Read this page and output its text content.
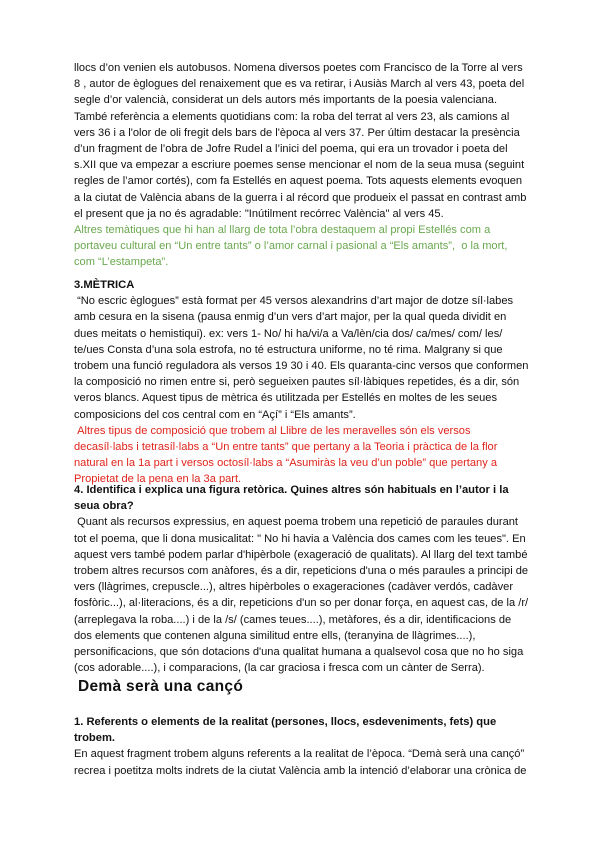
llocs d’on venien els autobusos. Nomena diversos poetes com Francisco de la Torre al vers 8 , autor de èglogues del renaixement que es va retirar, i Ausiàs March al vers 43, poeta del segle d’or valencià, considerat un dels autors més importants de la poesia valenciana. També referència a elements quotidians com: la roba del terrat al vers 23, als camions al vers 36 i a l'olor de oli fregit dels bars de l'època al vers 37. Per últim destacar la presència d’un fragment de l’obra de Jofre Rudel a l’inici del poema, qui era un trovador i poeta del s.XII que va empezar a escriure poemes sense mencionar el nom de la seua musa (seguint regles de l’amor cortés), com fa Estellés en aquest poema. Tots aquests elements evoquen a la ciutat de València abans de la guerra i al récord que produeix el passat en contrast amb el present que ja no és agradable: "Inútilment recórrec València" al vers 45.

Altres temàtiques que hi han al llarg de tota l’obra destaquem al propi Estellés com a portaveu cultural en “Un entre tants” o l’amor carnal i pasional a “Els amants”,  o la mort, com “L’estampeta”.

3.MÈTRICA

“No escric èglogues” està format per 45 versos alexandrins d’art major de dotze síl·labes amb cesura en la sisena (pausa enmig d’un vers d’art major, per la qual queda dividit en dues meitats o hemistiqui). ex: vers 1- No/ hi ha/vi/a a Va/lèn/cia dos/ ca/mes/ com/ les/ te/ues Consta d’una sola estrofa, no té estructura uniforme, no té rima. Malgrany si que trobem una funció reguladora als versos 19 30 i 40. Els quaranta-cinc versos que conformen la composició no rimen entre si, però segueixen pautes síl·làbiques repetides, és a dir, són veros blancs. Aquest tipus de mètrica és utilitzada per Estellés en moltes de les seues composicions del cos central com en “Açí” i “Els amants”.

Altres tipus de composició que trobem al Llibre de les meravelles són els versos decasíl·labs i tetrasíl·labs a “Un entre tants” que pertany a la Teoria i pràctica de la flor natural en la 1a part i versos octosíl·labs a “Asumiràs la veu d’un poble” que pertany a Propietat de la pena en la 3a part.

4. Identifica i explica una figura retòrica. Quines altres són habituals en l’autor i la seua obra?

Quant als recursos expressius, en aquest poema trobem una repetició de paraules durant tot el poema, que li dona musicalitat: " No hi havia a València dos cames com les teues". En aquest vers també podem parlar d'hipèrbole (exageració de qualitats). Al llarg del text també trobem altres recursos com anàfores, és a dir, repeticions d'una o més paraules a principi de vers (llàgrimes, crepuscle...), altres hipèrboles o exageraciones (cadàver verdós, cadàver fosfòric...), al·literacions, és a dir, repeticions d'un so per donar força, en aquest cas, de la /r/ (arreplegava la roba....) i de la /s/ (cames teues....), metàfores, és a dir, identificacions de dos elements que contenen alguna similitud entre ells, (teranyina de llàgrimes....), personificacions, que són dotacions d'una qualitat humana a qualsevol cosa que no ho siga (cos adorable....), i comparacions, (la car graciosa i fresca com un cànter de Serra).

Demà serà una cançó

1. Referents o elements de la realitat (persones, llocs, esdeveniments, fets) que trobem.

En aquest fragment trobem alguns referents a la realitat de l’època. “Demà serà una cançó” recrea i poetitza molts indrets de la ciutat València amb la intenció d’elaborar una crònica de
